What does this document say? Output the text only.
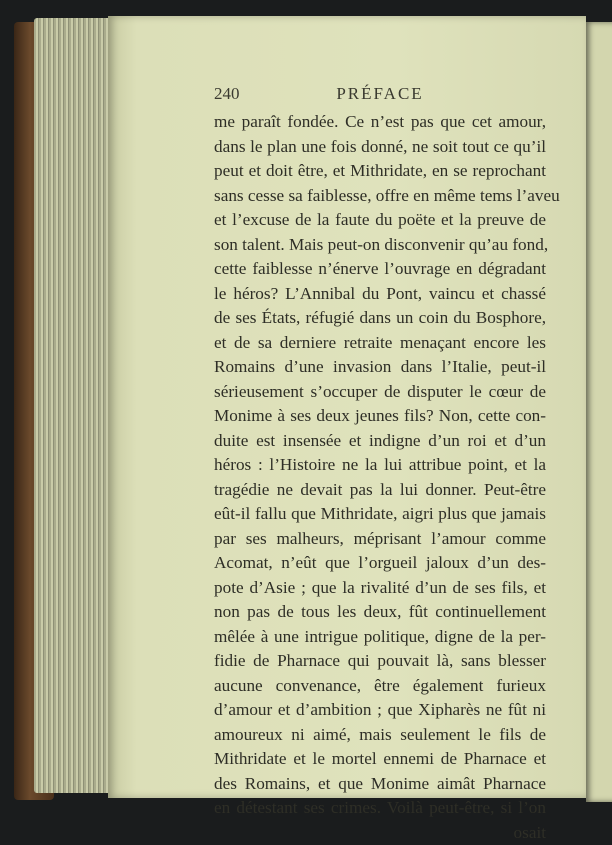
240	PRÉFACE
me paraît fondée. Ce n’est pas que cet amour,
dans le plan une fois donné, ne soit tout ce qu’il
peut et doit être, et Mithridate, en se reprochant
sans cesse sa faiblesse, offre en même tems l’aveu
et l’excuse de la faute du poëte et la preuve de
son talent. Mais peut-on disconvenir qu’au fond,
cette faiblesse n’énerve l’ouvrage en dégradant
le héros? L’Annibal du Pont, vaincu et chassé
de ses États, réfugié dans un coin du Bosphore,
et de sa derniere retraite menaçant encore les
Romains d’une invasion dans l’Italie, peut-il
sérieusement s’occuper de disputer le cœur de
Monime à ses deux jeunes fils? Non, cette con-
duite est insensée et indigne d’un roi et d’un
héros : l’Histoire ne la lui attribue point, et la
tragédie ne devait pas la lui donner. Peut-être
eût-il fallu que Mithridate, aigri plus que jamais
par ses malheurs, méprisant l’amour comme
Acomat, n’eût que l’orgueil jaloux d’un des-
pote d’Asie ; que la rivalité d’un de ses fils, et
non pas de tous les deux, fût continuellement
mêlée à une intrigue politique, digne de la per-
fidie de Pharnace qui pouvait là, sans blesser
aucune convenance, être également furieux
d’amour et d’ambition ; que Xipharès ne fût ni
amoureux ni aimé, mais seulement le fils de
Mithridate et le mortel ennemi de Pharnace et
des Romains, et que Monime aimât Pharnace
en détestant ses crimes. Voilà peut-être, si l’on
osait
